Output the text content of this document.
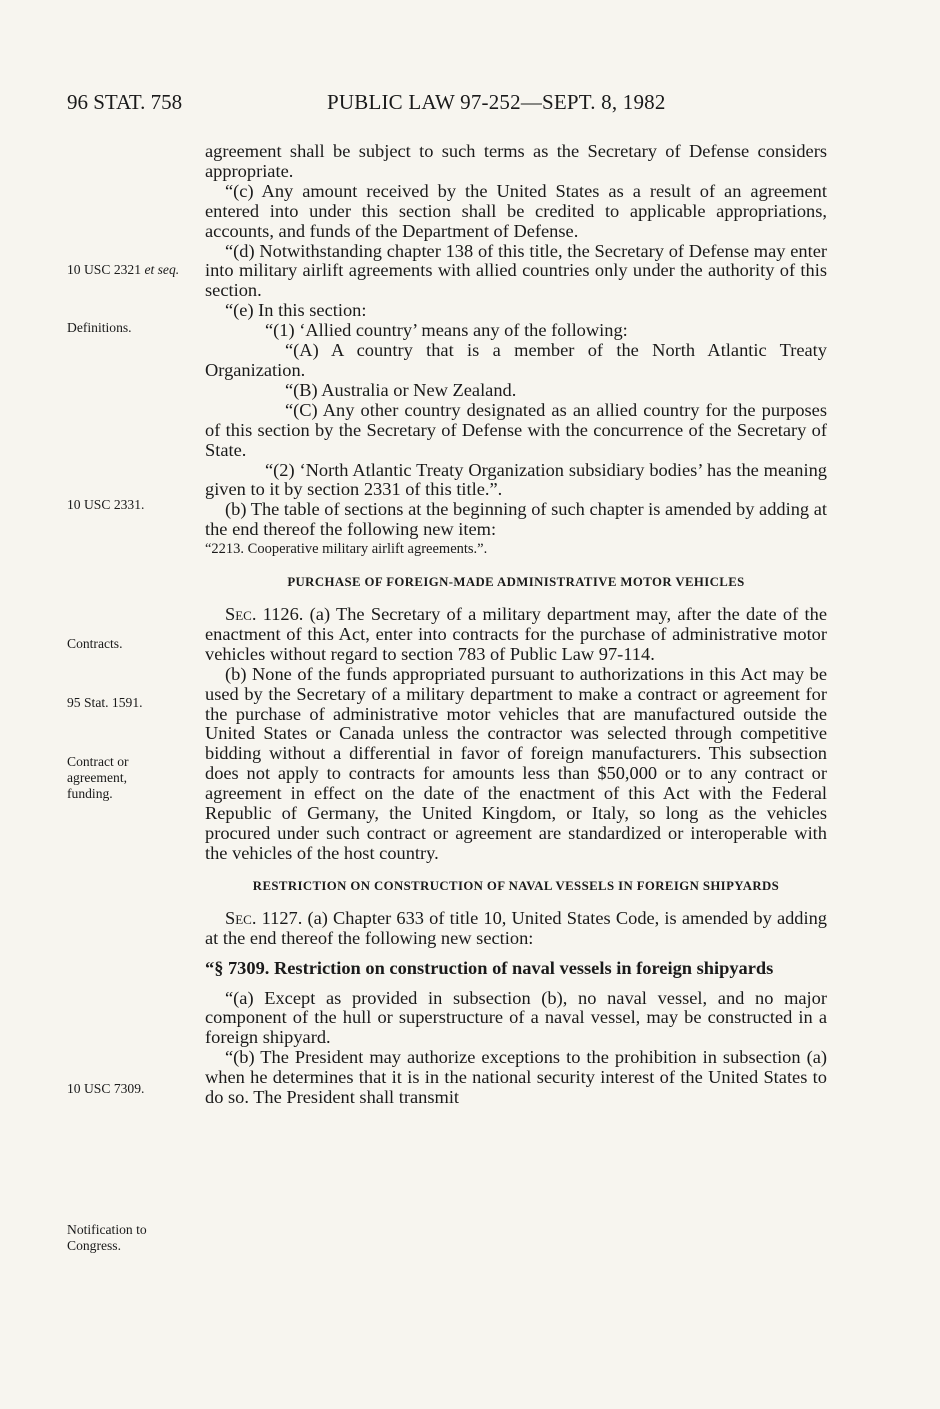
96 STAT. 758	PUBLIC LAW 97-252—SEPT. 8, 1982
10 USC 2321 et seq.
Definitions.
10 USC 2331.
Contracts.
95 Stat. 1591.
Contract or agreement, funding.
10 USC 7309.
Notification to Congress.

agreement shall be subject to such terms as the Secretary of Defense considers appropriate.

“(c) Any amount received by the United States as a result of an agreement entered into under this section shall be credited to applicable appropriations, accounts, and funds of the Department of Defense.

“(d) Notwithstanding chapter 138 of this title, the Secretary of Defense may enter into military airlift agreements with allied countries only under the authority of this section.

“(e) In this section:

“(1) ‘Allied country’ means any of the following:

“(A) A country that is a member of the North Atlantic Treaty Organization.

“(B) Australia or New Zealand.

“(C) Any other country designated as an allied country for the purposes of this section by the Secretary of Defense with the concurrence of the Secretary of State.

“(2) ‘North Atlantic Treaty Organization subsidiary bodies’ has the meaning given to it by section 2331 of this title.”.

(b) The table of sections at the beginning of such chapter is amended by adding at the end thereof the following new item:

“2213. Cooperative military airlift agreements.”.

PURCHASE OF FOREIGN-MADE ADMINISTRATIVE MOTOR VEHICLES

Sec. 1126. (a) The Secretary of a military department may, after the date of the enactment of this Act, enter into contracts for the purchase of administrative motor vehicles without regard to section 783 of Public Law 97-114.

(b) None of the funds appropriated pursuant to authorizations in this Act may be used by the Secretary of a military department to make a contract or agreement for the purchase of administrative motor vehicles that are manufactured outside the United States or Canada unless the contractor was selected through competitive bidding without a differential in favor of foreign manufacturers. This subsection does not apply to contracts for amounts less than $50,000 or to any contract or agreement in effect on the date of the enactment of this Act with the Federal Republic of Germany, the United Kingdom, or Italy, so long as the vehicles procured under such contract or agreement are standardized or interoperable with the vehicles of the host country.

RESTRICTION ON CONSTRUCTION OF NAVAL VESSELS IN FOREIGN SHIPYARDS

Sec. 1127. (a) Chapter 633 of title 10, United States Code, is amended by adding at the end thereof the following new section:

“§ 7309. Restriction on construction of naval vessels in foreign shipyards

“(a) Except as provided in subsection (b), no naval vessel, and no major component of the hull or superstructure of a naval vessel, may be constructed in a foreign shipyard.

“(b) The President may authorize exceptions to the prohibition in subsection (a) when he determines that it is in the national security interest of the United States to do so. The President shall transmit
